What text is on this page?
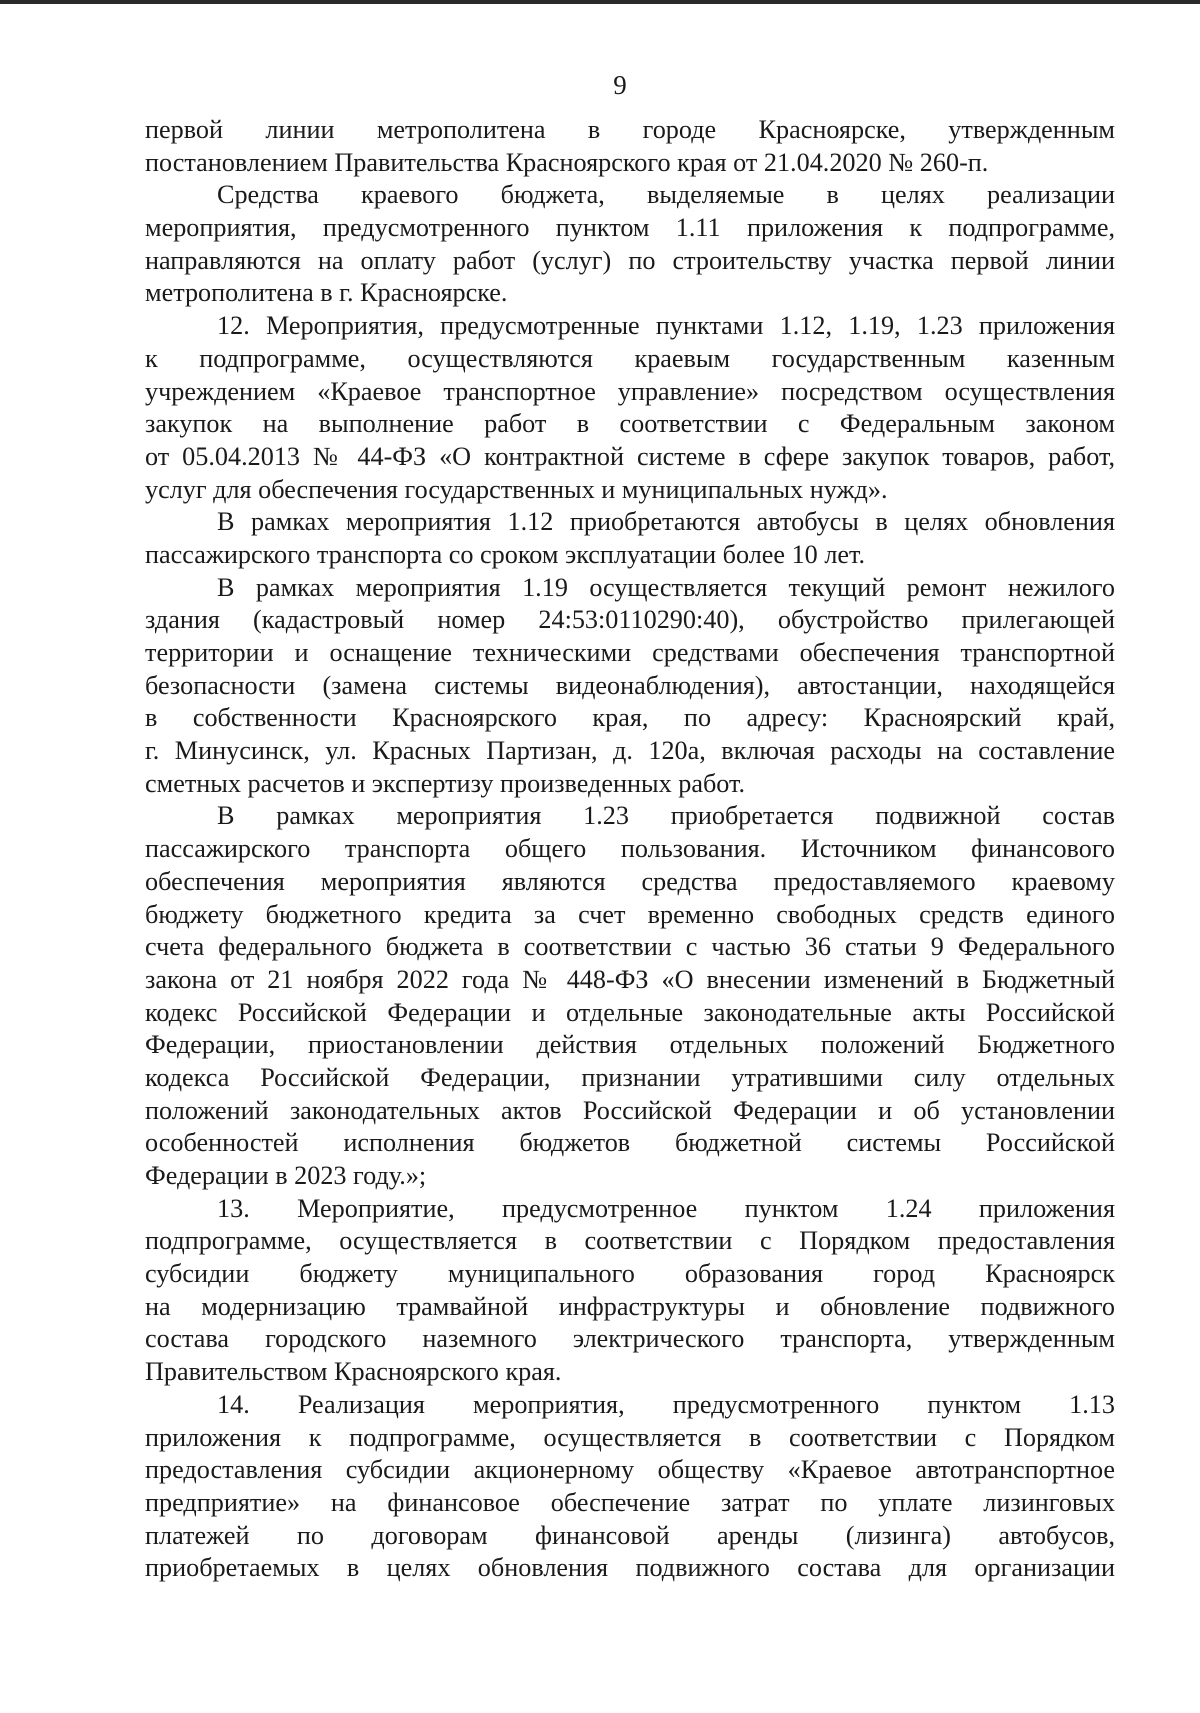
9
первой линии метрополитена в городе Красноярске, утвержденным
постановлением Правительства Красноярского края от 21.04.2020 № 260-п.
Средства краевого бюджета, выделяемые в целях реализации
мероприятия, предусмотренного пунктом 1.11 приложения к подпрограмме,
направляются на оплату работ (услуг) по строительству участка первой линии
метрополитена в г. Красноярске.
12. Мероприятия, предусмотренные пунктами 1.12, 1.19, 1.23 приложения
к подпрограмме, осуществляются краевым государственным казенным
учреждением «Краевое транспортное управление» посредством осуществления
закупок на выполнение работ в соответствии с Федеральным законом
от 05.04.2013 № 44-ФЗ «О контрактной системе в сфере закупок товаров, работ,
услуг для обеспечения государственных и муниципальных нужд».
В рамках мероприятия 1.12 приобретаются автобусы в целях обновления
пассажирского транспорта со сроком эксплуатации более 10 лет.
В рамках мероприятия 1.19 осуществляется текущий ремонт нежилого
здания (кадастровый номер 24:53:0110290:40), обустройство прилегающей
территории и оснащение техническими средствами обеспечения транспортной
безопасности (замена системы видеонаблюдения), автостанции, находящейся
в собственности Красноярского края, по адресу: Красноярский край,
г. Минусинск, ул. Красных Партизан, д. 120а, включая расходы на составление
сметных расчетов и экспертизу произведенных работ.
В рамках мероприятия 1.23 приобретается подвижной состав
пассажирского транспорта общего пользования. Источником финансового
обеспечения мероприятия являются средства предоставляемого краевому
бюджету бюджетного кредита за счет временно свободных средств единого
счета федерального бюджета в соответствии с частью 36 статьи 9 Федерального
закона от 21 ноября 2022 года № 448-ФЗ «О внесении изменений в Бюджетный
кодекс Российской Федерации и отдельные законодательные акты Российской
Федерации, приостановлении действия отдельных положений Бюджетного
кодекса Российской Федерации, признании утратившими силу отдельных
положений законодательных актов Российской Федерации и об установлении
особенностей исполнения бюджетов бюджетной системы Российской
Федерации в 2023 году.»;
13. Мероприятие, предусмотренное пунктом 1.24 приложения
подпрограмме, осуществляется в соответствии с Порядком предоставления
субсидии бюджету муниципального образования город Красноярск
на модернизацию трамвайной инфраструктуры и обновление подвижного
состава городского наземного электрического транспорта, утвержденным
Правительством Красноярского края.
14. Реализация мероприятия, предусмотренного пунктом 1.13
приложения к подпрограмме, осуществляется в соответствии с Порядком
предоставления субсидии акционерному обществу «Краевое автотранспортное
предприятие» на финансовое обеспечение затрат по уплате лизинговых
платежей по договорам финансовой аренды (лизинга) автобусов,
приобретаемых в целях обновления подвижного состава для организации
